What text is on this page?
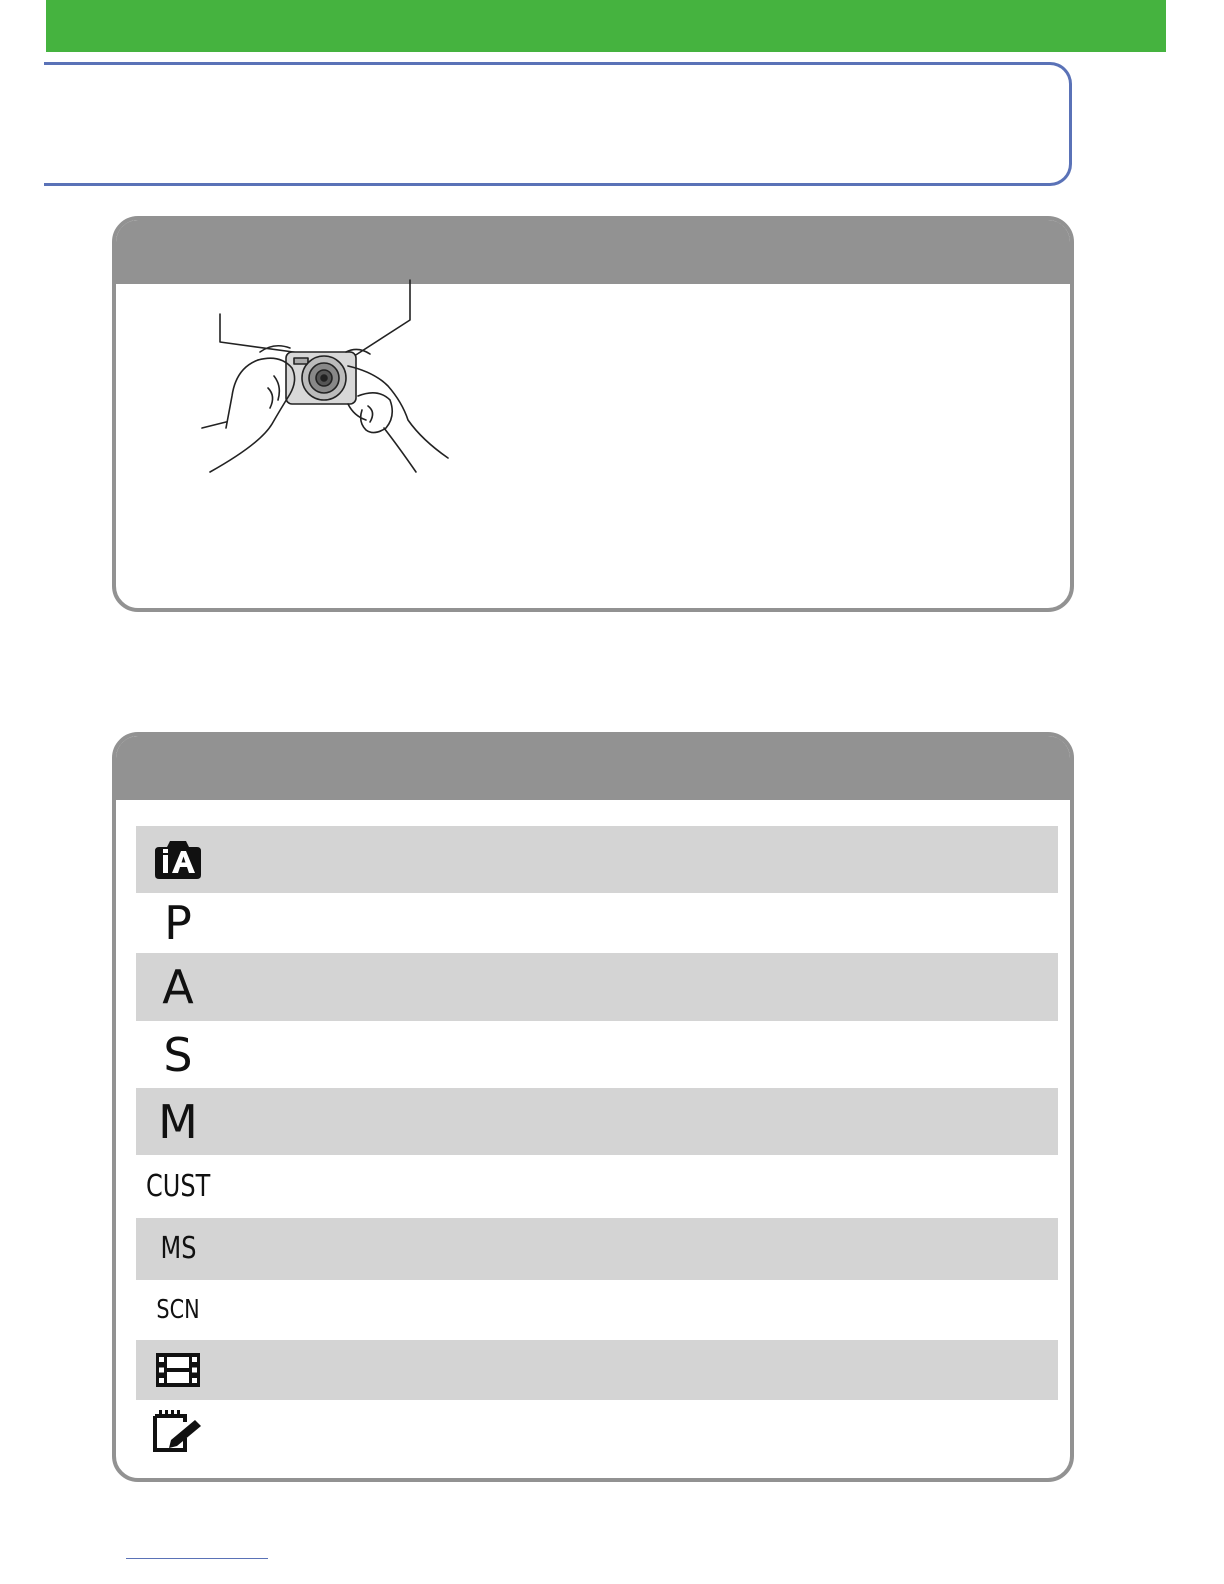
P
A
S
M
CUST
MS
SCN
